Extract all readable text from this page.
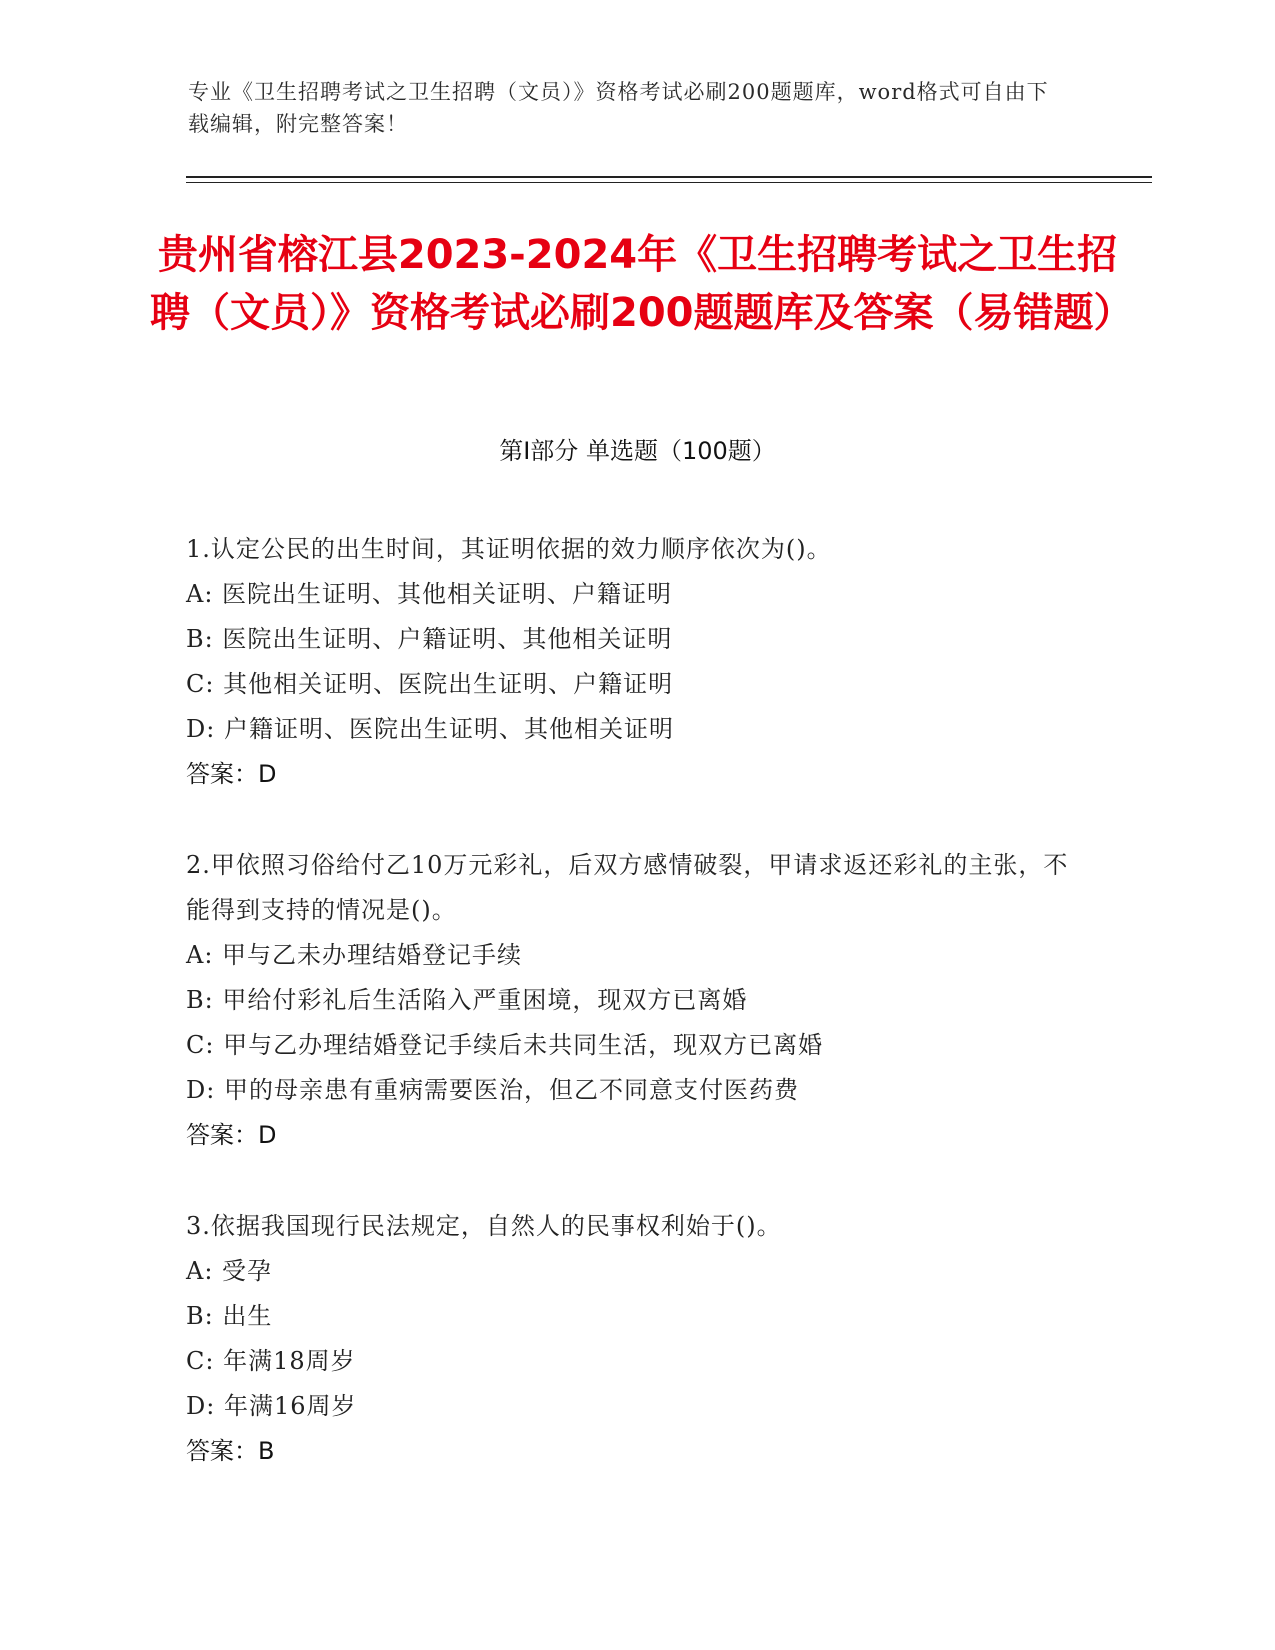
专业《卫生招聘考试之卫生招聘（文员）》资格考试必刷200题题库，word格式可自由下载编辑，附完整答案！
贵州省榕江县2023-2024年《卫生招聘考试之卫生招聘（文员）》资格考试必刷200题题库及答案（易错题）
第Ⅰ部分 单选题（100题）
1.认定公民的出生时间，其证明依据的效力顺序依次为()。
A: 医院出生证明、其他相关证明、户籍证明
B: 医院出生证明、户籍证明、其他相关证明
C: 其他相关证明、医院出生证明、户籍证明
D: 户籍证明、医院出生证明、其他相关证明
答案：D
2.甲依照习俗给付乙10万元彩礼，后双方感情破裂，甲请求返还彩礼的主张，不能得到支持的情况是()。
A: 甲与乙未办理结婚登记手续
B: 甲给付彩礼后生活陷入严重困境，现双方已离婚
C: 甲与乙办理结婚登记手续后未共同生活，现双方已离婚
D: 甲的母亲患有重病需要医治，但乙不同意支付医药费
答案：D
3.依据我国现行民法规定，自然人的民事权利始于()。
A: 受孕
B: 出生
C: 年满18周岁
D: 年满16周岁
答案：B
